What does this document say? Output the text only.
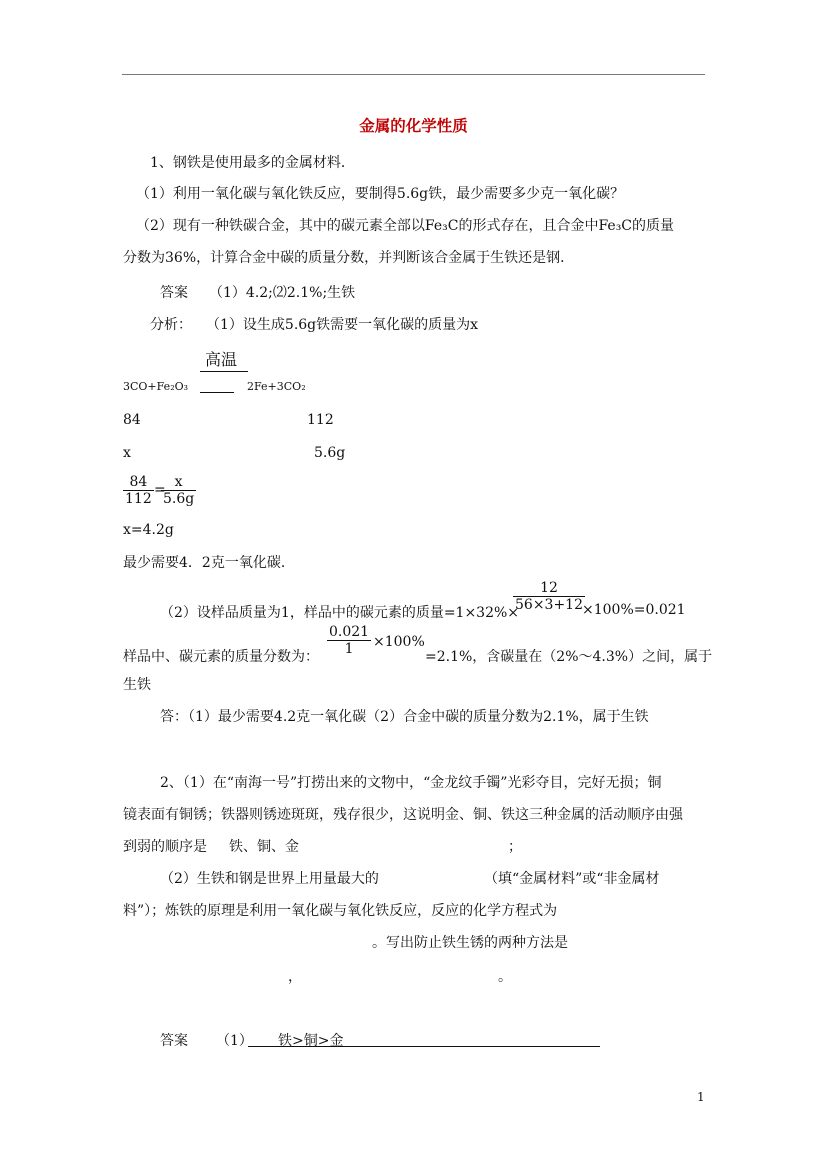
金属的化学性质
1、钢铁是使用最多的金属材料．
（1）利用一氧化碳与氧化铁反应，要制得5.6g铁，最少需要多少克一氧化碳？
（2）现有一种铁碳合金，其中的碳元素全部以Fe₃C的形式存在，且合金中Fe₃C的质量
分数为36%，计算合金中碳的质量分数，并判断该合金属于生铁还是钢．
答案　　（1）4.2;⑵2.1%;生铁
分析：　　（1）设生成5.6g铁需要一氧化碳的质量为x
高温
3CO+Fe₂O₃	2Fe+3CO₂
84	112
x	5.6g
$\frac{84}{112}$ =
$\frac{x}{5.6g}$
x=4.2g
最少需要4．2克一氧化碳．
（2）设样品质量为1，样品中的碳元素的质量=1×32%×
$\frac{12}{56\times 3+12}$
×100%=0.021
样品中、碳元素的质量分数为： $\frac{0.021}{1} \times 100\%$
=2.1%，含碳量在（2%～4.3%）之间，属于
生铁
答：（1）最少需要4.2克一氧化碳（2）合金中碳的质量分数为2.1%，属于生铁
2、（1）在“南海一号”打捞出来的文物中，“金龙纹手镯”光彩夺目，完好无损；铜
镜表面有铜锈；铁器则锈迹斑斑，残存很少，这说明金、铜、铁这三种金属的活动顺序由强
到弱的顺序是 铁、铜、金	；
（2）生铁和钢是世界上用量最大的	（填“金属材料”或“非金属材
料”）；炼铁的原理是利用一氧化碳与氧化铁反应，反应的化学方程式为
。写出防止铁生锈的两种方法是
，	。
答案 （1）	铁>铜>金
1
